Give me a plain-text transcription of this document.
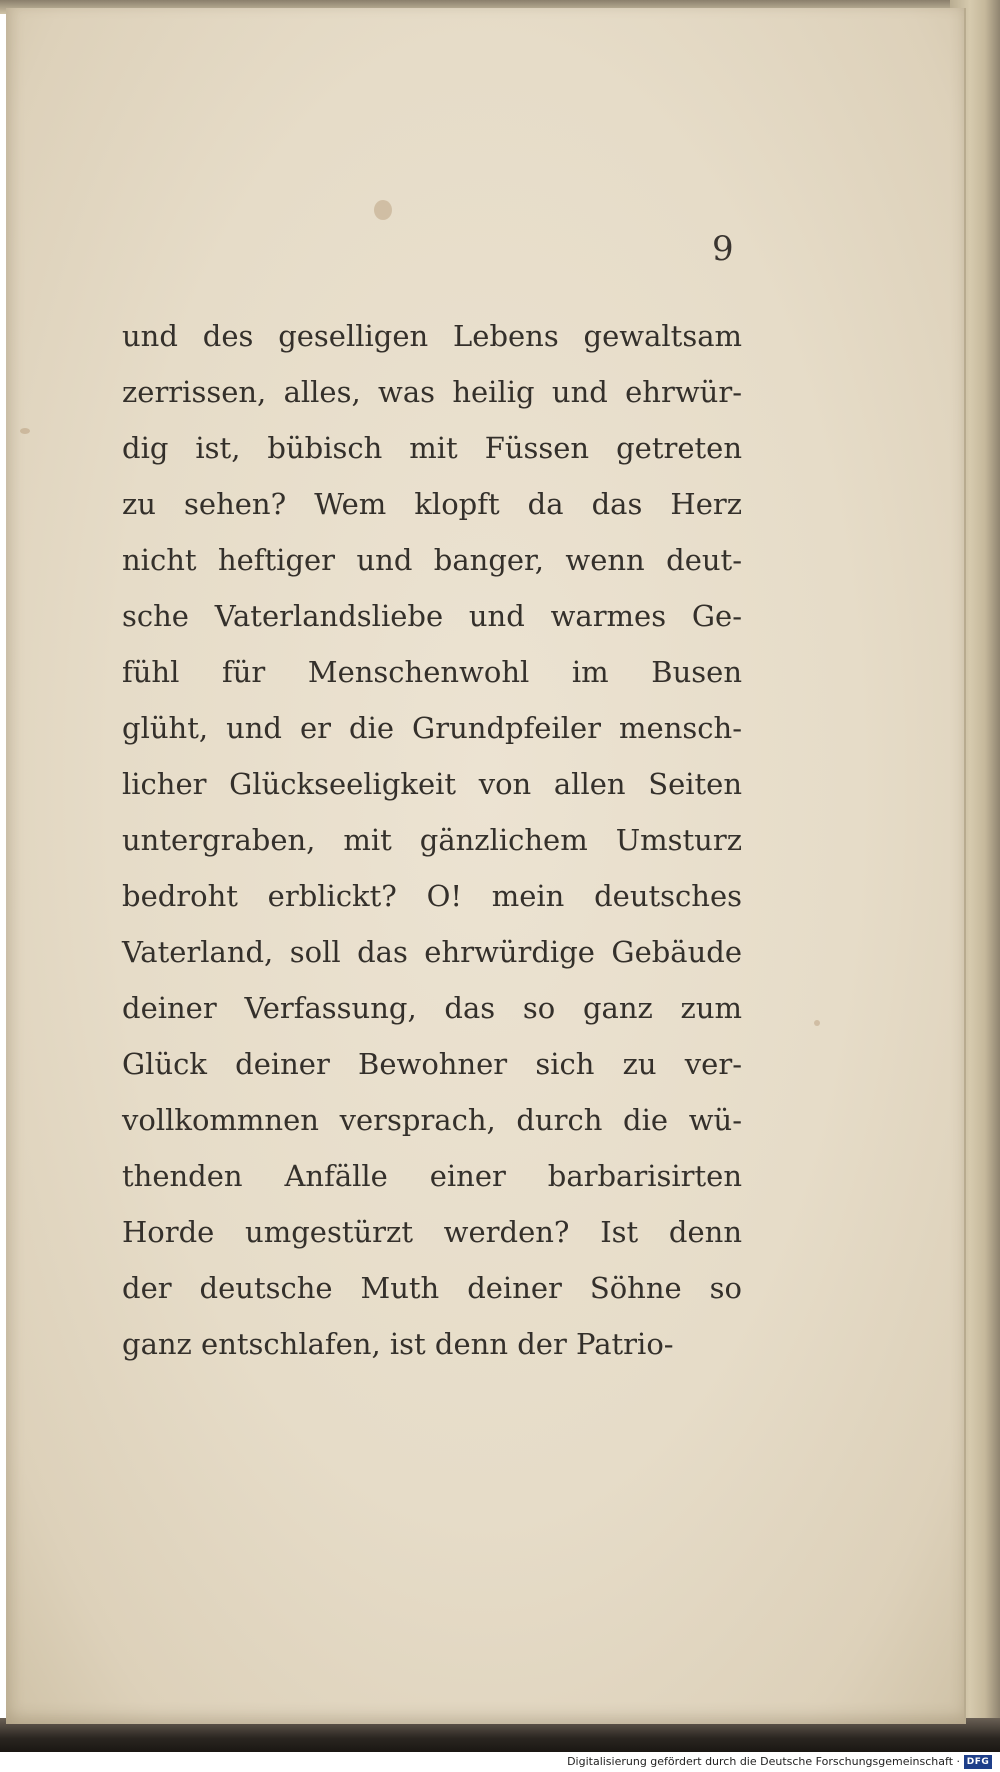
9
und des geselligen Lebens gewaltsam
zerrissen, alles, was heilig und ehrwür-
dig ist, bübisch mit Füssen getreten
zu sehen? Wem klopft da das Herz
nicht heftiger und banger, wenn deut-
sche Vaterlandsliebe und warmes Ge-
fühl für Menschenwohl im Busen
glüht, und er die Grundpfeiler mensch-
licher Glückseeligkeit von allen Seiten
untergraben, mit gänzlichem Umsturz
bedroht erblickt? O! mein deutsches
Vaterland, soll das ehrwürdige Gebäude
deiner Verfassung, das so ganz zum
Glück deiner Bewohner sich zu ver-
vollkommnen versprach, durch die wü-
thenden Anfälle einer barbarisirten
Horde umgestürzt werden? Ist denn
der deutsche Muth deiner Söhne so
ganz entschlafen, ist denn der Patrio-
Digitalisierung gefördert durch die Deutsche Forschungsgemeinschaft · DFG
